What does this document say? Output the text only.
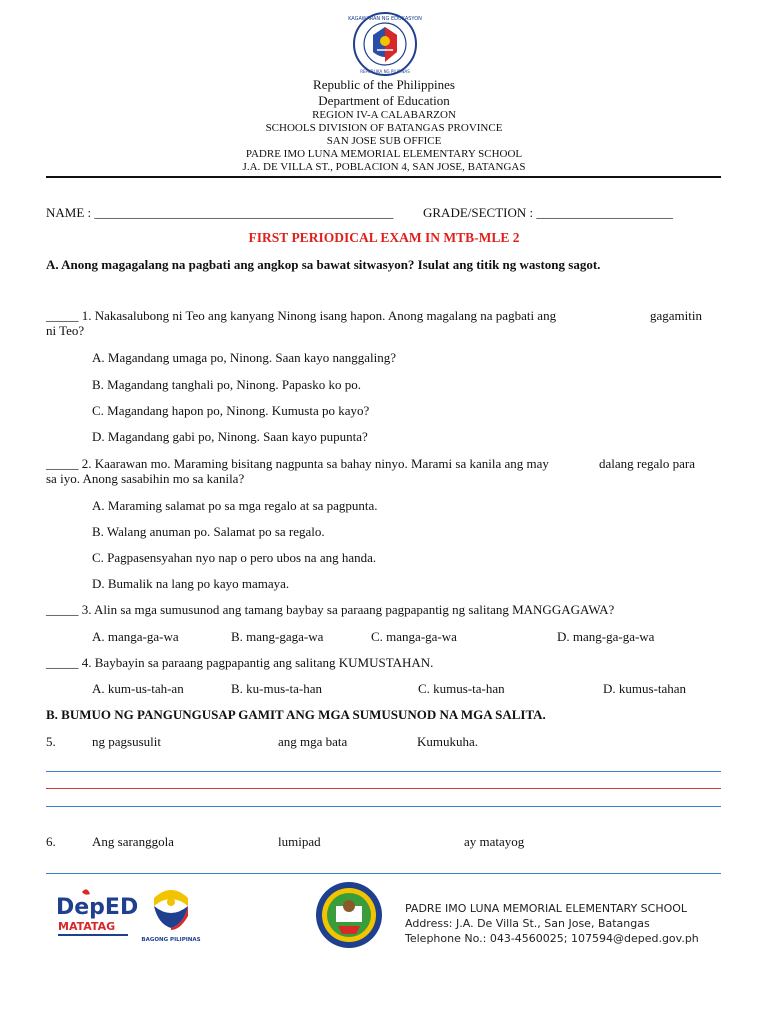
KAGAWARAN NG EDUKASYON
REPUBLIKA NG PILIPINAS
Republic of the Philippines
Department of Education
REGION IV-A CALABARZON
SCHOOLS DIVISION OF BATANGAS PROVINCE
SAN JOSE SUB OFFICE
PADRE IMO LUNA MEMORIAL ELEMENTARY SCHOOL
J.A. DE VILLA ST., POBLACION 4, SAN JOSE, BATANGAS
NAME : ______________________________________________ GRADE/SECTION : _____________________
FIRST PERIODICAL EXAM IN MTB-MLE 2
A. Anong magagalang na pagbati ang angkop sa bawat sitwasyon? Isulat ang titik ng wastong sagot.
_____ 1. Nakasalubong ni Teo ang kanyang Ninong isang hapon. Anong magalang na pagbati ang	gagamitin
ni Teo?
A. Magandang umaga po, Ninong. Saan kayo nanggaling?
B. Magandang tanghali po, Ninong. Papasko ko po.
C. Magandang hapon po, Ninong. Kumusta po kayo?
D. Magandang gabi po, Ninong. Saan kayo pupunta?
_____ 2. Kaarawan mo. Maraming bisitang nagpunta sa bahay ninyo. Marami sa kanila ang may	dalang regalo para
sa iyo. Anong sasabihin mo sa kanila?
A. Maraming salamat po sa mga regalo at sa pagpunta.
B. Walang anuman po. Salamat po sa regalo.
C. Pagpasensyahan nyo nap o pero ubos na ang handa.
D. Bumalik na lang po kayo mamaya.
_____ 3. Alin sa mga sumusunod ang tamang baybay sa paraang pagpapantig ng salitang MANGGAGAWA?
A. manga-ga-wa	B. mang-gaga-wa	C. manga-ga-wa	D. mang-ga-ga-wa
_____ 4. Baybayin sa paraang pagpapantig ang salitang KUMUSTAHAN.
A. kum-us-tah-an	B. ku-mus-ta-han	C. kumus-ta-han	D. kumus-tahan
B. BUMUO NG PANGUNGUSAP GAMIT ANG MGA SUMUSUNOD NA MGA SALITA.
5.	ng pagsusulit	ang mga bata	Kumukuha.
6.	Ang saranggola	lumipad	ay matayog
DepED
MATATAG
BAGONG PILIPINAS
PADRE IMO LUNA MEMORIAL ELEMENTARY SCHOOL
Address: J.A. De Villa St., San Jose, Batangas
Telephone No.: 043-4560025; 107594@deped.gov.ph
